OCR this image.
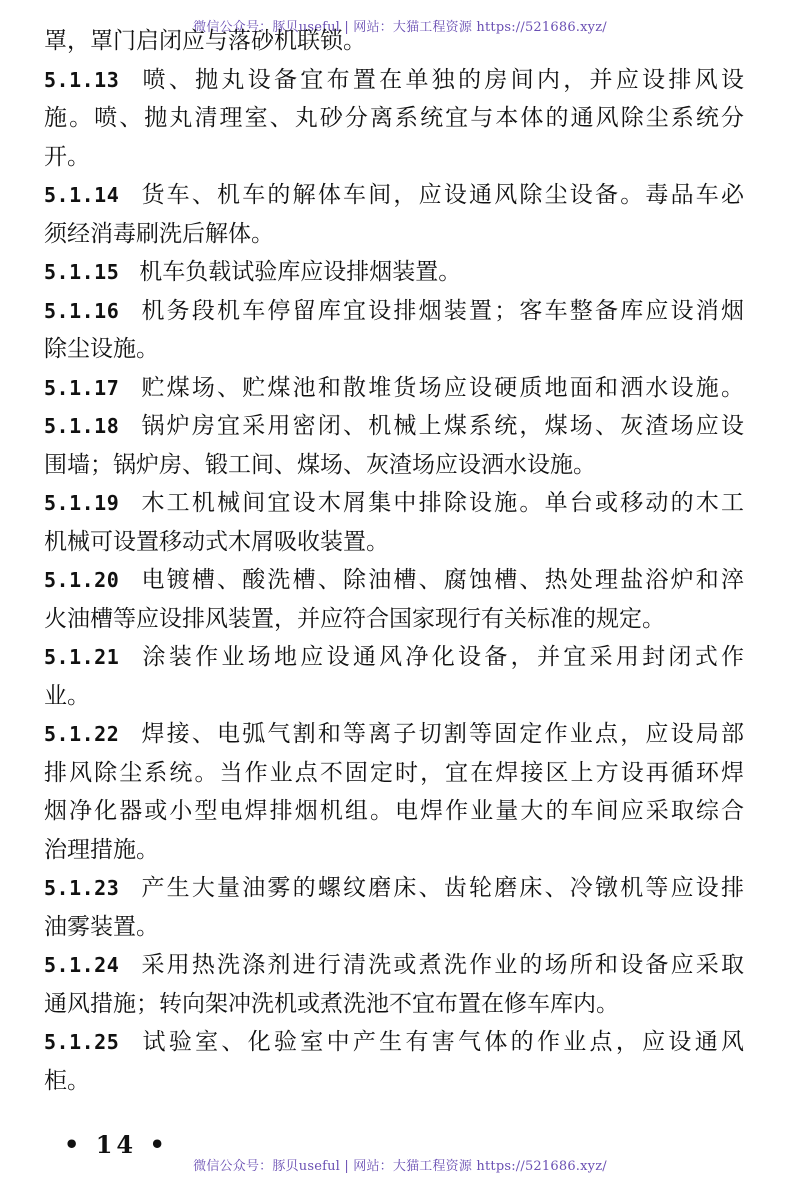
微信公众号：豚贝useful | 网站：大猫工程资源 https://521686.xyz/
罩，罩门启闭应与落砂机联锁。
5.1.13 喷、抛丸设备宜布置在单独的房间内，并应设排风设
施。喷、抛丸清理室、丸砂分离系统宜与本体的通风除尘系统分
开。
5.1.14 货车、机车的解体车间，应设通风除尘设备。毒品车必
须经消毒刷洗后解体。
5.1.15 机车负载试验库应设排烟装置。
5.1.16 机务段机车停留库宜设排烟装置；客车整备库应设消烟
除尘设施。
5.1.17 贮煤场、贮煤池和散堆货场应设硬质地面和洒水设施。
5.1.18 锅炉房宜采用密闭、机械上煤系统，煤场、灰渣场应设
围墙；锅炉房、锻工间、煤场、灰渣场应设洒水设施。
5.1.19 木工机械间宜设木屑集中排除设施。单台或移动的木工
机械可设置移动式木屑吸收装置。
5.1.20 电镀槽、酸洗槽、除油槽、腐蚀槽、热处理盐浴炉和淬
火油槽等应设排风装置，并应符合国家现行有关标准的规定。
5.1.21 涂装作业场地应设通风净化设备，并宜采用封闭式作
业。
5.1.22 焊接、电弧气割和等离子切割等固定作业点，应设局部
排风除尘系统。当作业点不固定时，宜在焊接区上方设再循环焊
烟净化器或小型电焊排烟机组。电焊作业量大的车间应采取综合
治理措施。
5.1.23 产生大量油雾的螺纹磨床、齿轮磨床、冷镦机等应设排
油雾装置。
5.1.24 采用热洗涤剂进行清洗或煮洗作业的场所和设备应采取
通风措施；转向架冲洗机或煮洗池不宜布置在修车库内。
5.1.25 试验室、化验室中产生有害气体的作业点，应设通风
柜。
• 14 •
微信公众号：豚贝useful | 网站：大猫工程资源 https://521686.xyz/
